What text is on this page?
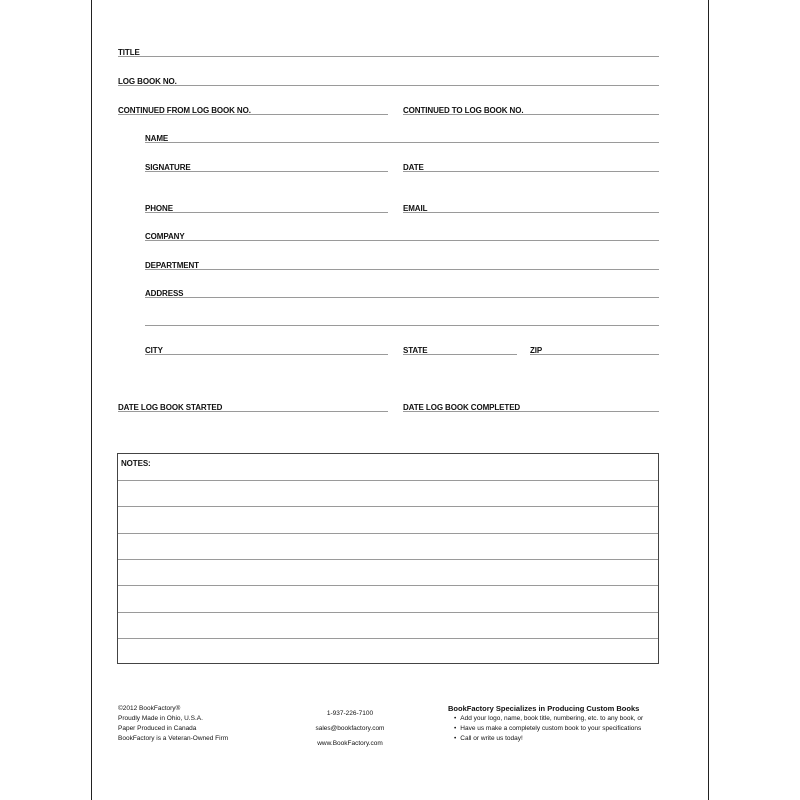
TITLE
LOG BOOK NO.
CONTINUED FROM LOG BOOK NO.	CONTINUED TO LOG BOOK NO.
NAME
SIGNATURE	DATE
PHONE	EMAIL
COMPANY
DEPARTMENT
ADDRESS
CITY	STATE	ZIP
DATE LOG BOOK STARTED	DATE LOG BOOK COMPLETED
NOTES:
©2012 BookFactory®
Proudly Made in Ohio, U.S.A.
Paper Produced in Canada
BookFactory is a Veteran-Owned Firm
1-937-226-7100
sales@bookfactory.com
www.BookFactory.com
BookFactory Specializes in Producing Custom Books
• Add your logo, name, book title, numbering, etc. to any book, or
• Have us make a completely custom book to your specifications
• Call or write us today!
